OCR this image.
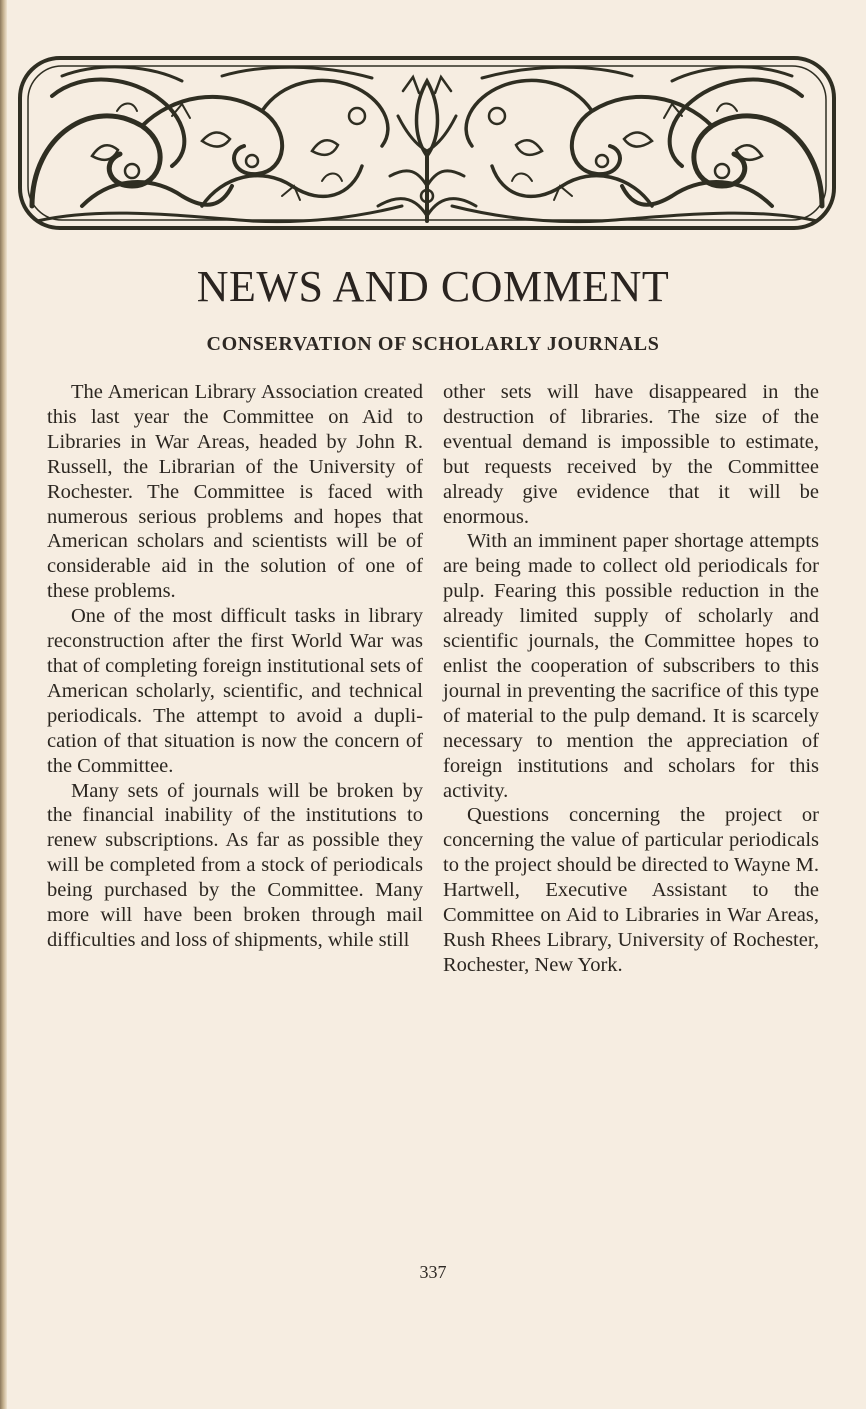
NEWS AND COMMENT
CONSERVATION OF SCHOLARLY JOURNALS

The American Library Association created this last year the Committee on Aid to Libraries in War Areas, headed by John R. Russell, the Librarian of the University of Rochester. The Committee is faced with numerous serious problems and hopes that American scholars and scientists will be of considerable aid in the solution of one of these problems.

One of the most difficult tasks in library reconstruction after the first World War was that of completing foreign institutional sets of American scholarly, scientific, and technical periodicals. The attempt to avoid a duplication of that situation is now the concern of the Committee.

Many sets of journals will be broken by the financial inability of the institutions to renew subscriptions. As far as possible they will be completed from a stock of periodicals being purchased by the Committee. Many more will have been broken through mail difficulties and loss of shipments, while still

other sets will have disappeared in the destruction of libraries. The size of the eventual demand is impossible to estimate, but requests received by the Committee already give evidence that it will be enormous.

With an imminent paper shortage attempts are being made to collect old periodicals for pulp. Fearing this possible reduction in the already limited supply of scholarly and scientific journals, the Committee hopes to enlist the cooperation of subscribers to this journal in preventing the sacrifice of this type of material to the pulp demand. It is scarcely necessary to mention the appreciation of foreign institutions and scholars for this activity.

Questions concerning the project or concerning the value of particular periodicals to the project should be directed to Wayne M. Hartwell, Executive Assistant to the Committee on Aid to Libraries in War Areas, Rush Rhees Library, University of Rochester, Rochester, New York.

337
